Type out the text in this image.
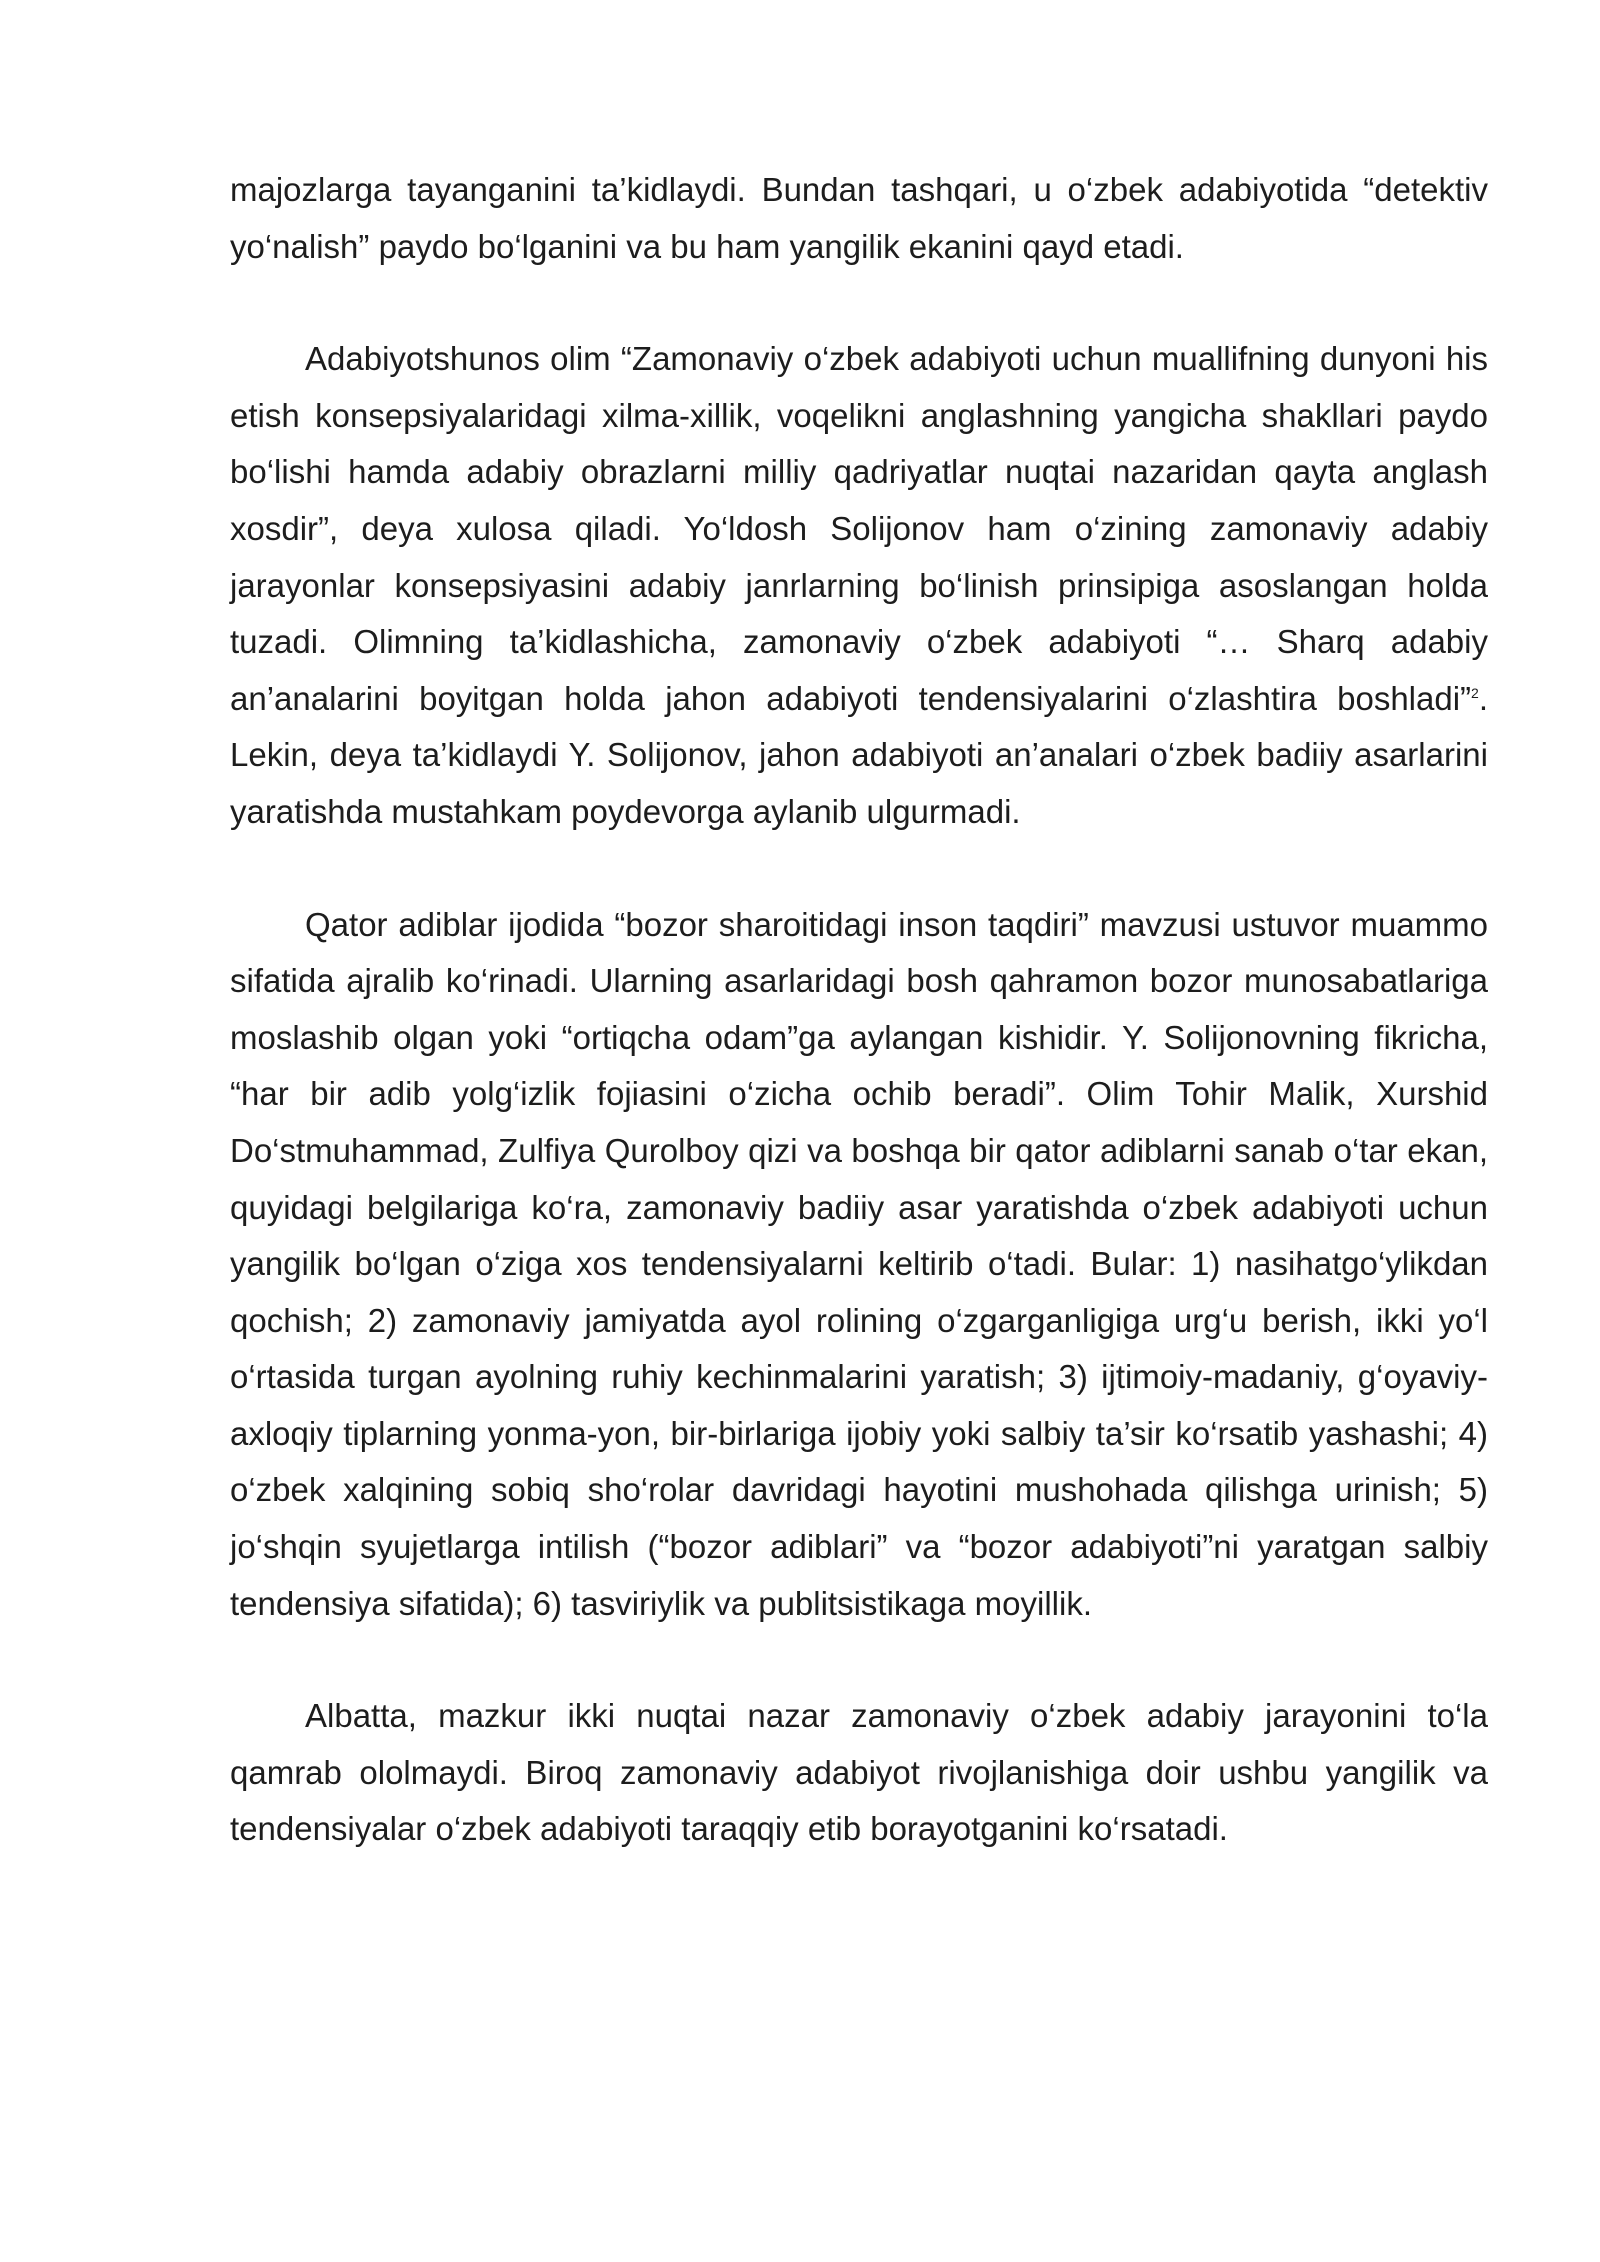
majozlarga tayanganini ta’kidlaydi. Bundan tashqari, u o‘zbek adabiyotida “detektiv yo‘nalish” paydo bo‘lganini va bu ham yangilik ekanini qayd etadi.

Adabiyotshunos olim “Zamonaviy o‘zbek adabiyoti uchun muallifning dunyoni his etish konsepsiyalaridagi xilma-xillik, voqelikni anglashning yangicha shakllari paydo bo‘lishi hamda adabiy obrazlarni milliy qadriyatlar nuqtai nazaridan qayta anglash xosdir”, deya xulosa qiladi. Yo‘ldosh Solijonov ham o‘zining zamonaviy adabiy jarayonlar konsepsiyasini adabiy janrlarning bo‘linish prinsipiga asoslangan holda tuzadi. Olimning ta’kidlashicha, zamonaviy o‘zbek adabiyoti “… Sharq adabiy an’analarini boyitgan holda jahon adabiyoti tendensiyalarini o‘zlashtira boshladi”$^2$. Lekin, deya ta’kidlaydi Y. Solijonov, jahon adabiyoti an’analari o‘zbek badiiy asarlarini yaratishda mustahkam poydevorga aylanib ulgurmadi.

Qator adiblar ijodida “bozor sharoitidagi inson taqdiri” mavzusi ustuvor muammo sifatida ajralib ko‘rinadi. Ularning asarlaridagi bosh qahramon bozor munosabatlariga moslashib olgan yoki “ortiqcha odam”ga aylangan kishidir. Y. Solijonovning fikricha, “har bir adib yolg‘izlik fojiasini o‘zicha ochib beradi”. Olim Tohir Malik, Xurshid Do‘stmuhammad, Zulfiya Qurolboy qizi va boshqa bir qator adiblarni sanab o‘tar ekan, quyidagi belgilariga ko‘ra, zamonaviy badiiy asar yaratishda o‘zbek adabiyoti uchun yangilik bo‘lgan o‘ziga xos tendensiyalarni keltirib o‘tadi. Bular: 1) nasihatgo‘ylikdan qochish; 2) zamonaviy jamiyatda ayol rolining o‘zgarganligiga urg‘u berish, ikki yo‘l o‘rtasida turgan ayolning ruhiy kechinmalarini yaratish; 3) ijtimoiy-madaniy, g‘oyaviy-axloqiy tiplarning yonma-yon, bir-birlariga ijobiy yoki salbiy ta’sir ko‘rsatib yashashi; 4) o‘zbek xalqining sobiq sho‘rolar davridagi hayotini mushohada qilishga urinish; 5) jo‘shqin syujetlarga intilish (“bozor adiblari” va “bozor adabiyoti”ni yaratgan salbiy tendensiya sifatida); 6) tasviriylik va publitsistikaga moyillik.

Albatta, mazkur ikki nuqtai nazar zamonaviy o‘zbek adabiy jarayonini to‘la qamrab ololmaydi. Biroq zamonaviy adabiyot rivojlanishiga doir ushbu yangilik va tendensiyalar o‘zbek adabiyoti taraqqiy etib borayotganini ko‘rsatadi.
